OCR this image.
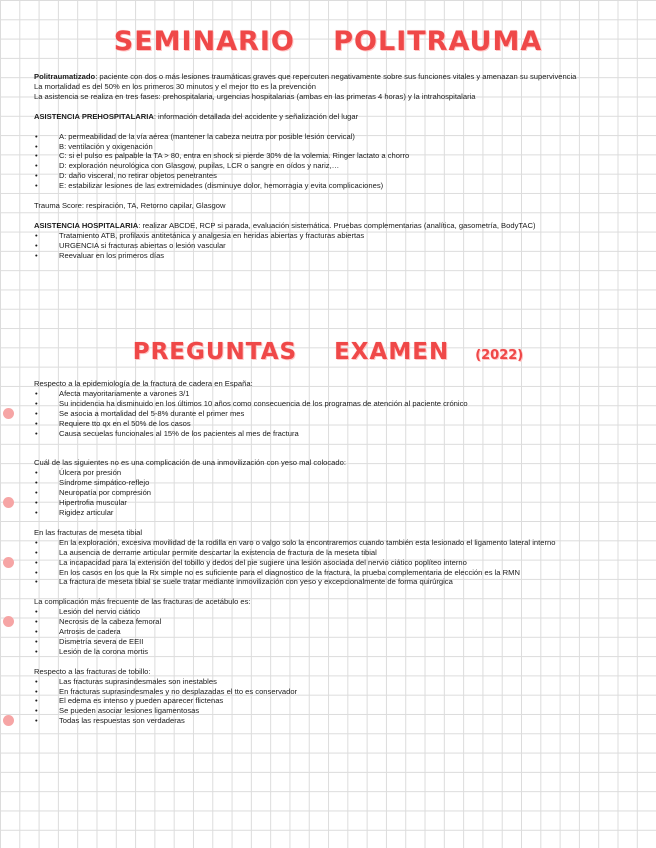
SEMINARIO POLITRAUMA

Politraumatizado: paciente con dos o más lesiones traumáticas graves que repercuten negativamente sobre sus funciones vitales y amenazan su supervivencia

La mortalidad es del 50% en los primeros 30 minutos y el mejor tto es la prevención

La asistencia se realiza en tres fases: prehospitalaria, urgencias hospitalarias (ambas en las primeras 4 horas) y la intrahospitalaria

ASISTENCIA PREHOSPITALARIA: información detallada del accidente y señalización del lugar

• A: permeabilidad de la vía aérea (mantener la cabeza neutra por posible lesión cervical)
• B: ventilación y oxigenación
• C: si el pulso es palpable la TA > 80, entra en shock si pierde 30% de la volemia. Ringer lactato a chorro
• D: exploración neurológica con Glasgow, pupilas, LCR o sangre en oídos y nariz,…
• D: daño visceral, no retirar objetos penetrantes
• E: estabilizar lesiones de las extremidades (disminuye dolor, hemorragia y evita complicaciones)

Trauma Score: respiración, TA, Retorno capilar, Glasgow

ASISTENCIA HOSPITALARIA: realizar ABCDE, RCP si parada, evaluación sistemática. Pruebas complementarias (analítica, gasometría, BodyTAC)

• Tratamiento ATB, profilaxis antitetánica y analgesia en heridas abiertas y fracturas abiertas
• URGENCIA si fracturas abiertas o lesión vascular
• Reevaluar en los primeros días
PREGUNTAS EXAMEN (2022)

Respecto a la epidemiología de la fractura de cadera en España:

• Afecta mayoritariamente a varones 3/1
• Su incidencia ha disminuido en los últimos 10 años como consecuencia de los programas de atención al paciente crónico
• Se asocia a mortalidad del 5-8% durante el primer mes
• Requiere tto qx en el 50% de los casos
• Causa secuelas funcionales al 15% de los pacientes al mes de fractura

Cuál de las siguientes no es una complicación de una inmovilización con yeso mal colocado:

• Úlcera por presión
• Síndrome simpático-reflejo
• Neuropatía por compresión
• Hipertrofia muscular
• Rigidez articular

En las fracturas de meseta tibial

• En la exploración, excesiva movilidad de la rodilla en varo o valgo solo la encontraremos cuando también esta lesionado el ligamento lateral interno
• La ausencia de derrame articular permite descartar la existencia de fractura de la meseta tibial
• La incapacidad para la extensión del tobillo y dedos del pie sugiere una lesión asociada del nervio ciático poplíteo interno
• En los casos en los que la Rx simple no es suficiente para el diagnostico de la fractura, la prueba complementaria de elección es la RMN
• La fractura de meseta tibial se suele tratar mediante inmovilización con yeso y excepcionalmente de forma quirúrgica

La complicación más frecuente de las fracturas de acetábulo es:

• Lesión del nervio ciático
• Necrosis de la cabeza femoral
• Artrosis de cadera
• Dismetría severa de EEII
• Lesión de la corona mortis

Respecto a las fracturas de tobillo:

• Las fracturas suprasindesmales son inestables
• En fracturas suprasindesmales y no desplazadas el tto es conservador
• El edema es intenso y pueden aparecer flictenas
• Se pueden asociar lesiones ligamentosas
• Todas las respuestas son verdaderas
